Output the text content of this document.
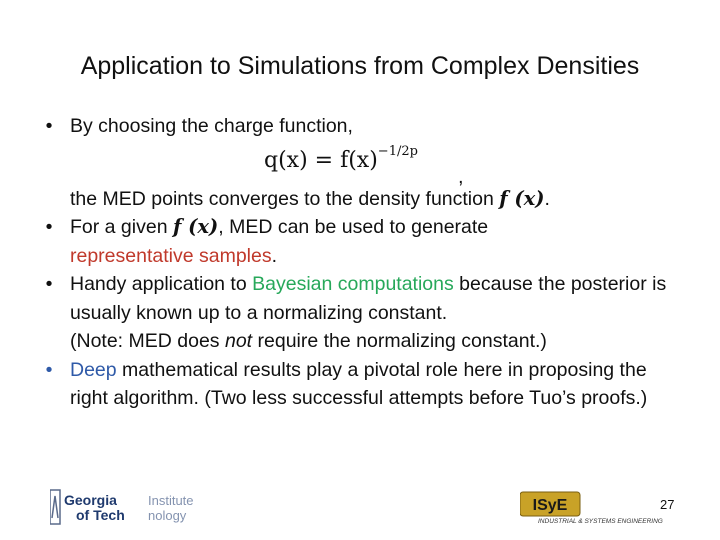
Application to Simulations from Complex Densities
• By choosing the charge function,
the MED points converges to the density function f (x).
• For a given f (x), MED can be used to generate
representative samples.
• Handy application to Bayesian computations because the posterior is usually known up to a normalizing constant.
(Note: MED does not require the normalizing constant.)
• Deep mathematical results play a pivotal role here in proposing the right algorithm. (Two less successful attempts before Tuo’s proofs.)
$q(x) = f(x)^{-1/2p}$
,
Georgia Institute
of Tech nology
ISyE
INDUSTRIAL & SYSTEMS ENGINEERING
27
